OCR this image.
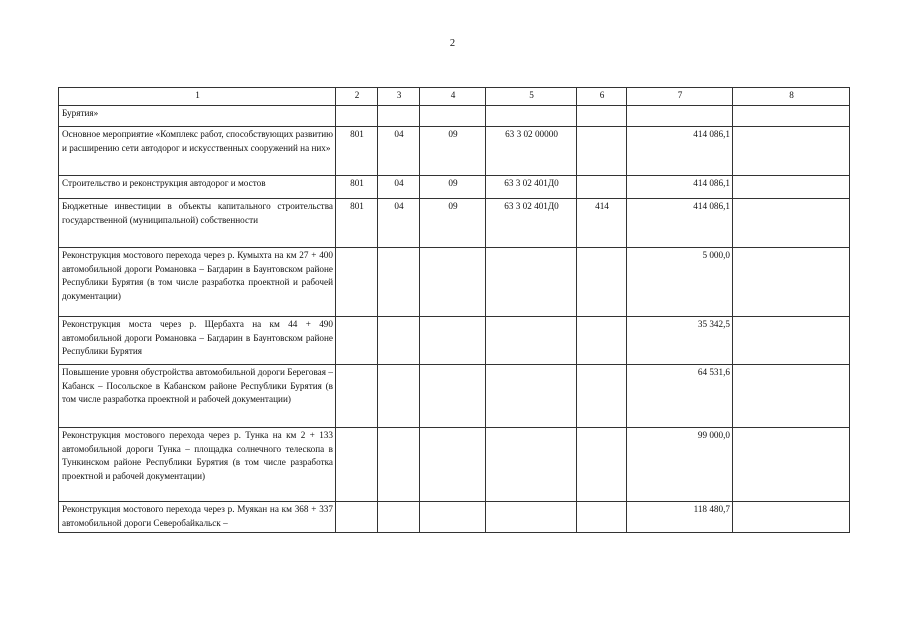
2
1	2	3	4	5	6	7	8
Бурятия»							
Основное мероприятие «Комплекс работ, способствующих развитию и расширению сети автодорог и искусственных сооружений на них»	801	04	09	63 3 02 00000		414 086,1	
Строительство и реконструкция автодорог и мостов	801	04	09	63 3 02 401Д0		414 086,1	
Бюджетные инвестиции в объекты капитального строительства государственной (муниципальной) собственности	801	04	09	63 3 02 401Д0	414	414 086,1	
Реконструкция мостового перехода через р. Кумыхта на км 27 + 400 автомобильной дороги Романовка – Багдарин в Баунтовском районе Республики Бурятия (в том числе разработка проектной и рабочей документации)						5 000,0	
Реконструкция моста через р. Щербахта на км 44 + 490 автомобильной дороги Романовка – Багдарин в Баунтовском районе Республики Бурятия						35 342,5	
Повышение уровня обустройства автомобильной дороги Береговая – Кабанск – Посольское в Кабанском районе Республики Бурятия (в том числе разработка проектной и рабочей документации)						64 531,6	
Реконструкция мостового перехода через р. Тунка на км 2 + 133 автомобильной дороги Тунка – площадка солнечного телескопа в Тункинском районе Республики Бурятия (в том числе разработка проектной и рабочей документации)						99 000,0	
Реконструкция мостового перехода через р. Муякан на км 368 + 337 автомобильной дороги Северобайкальск –						118 480,7	
